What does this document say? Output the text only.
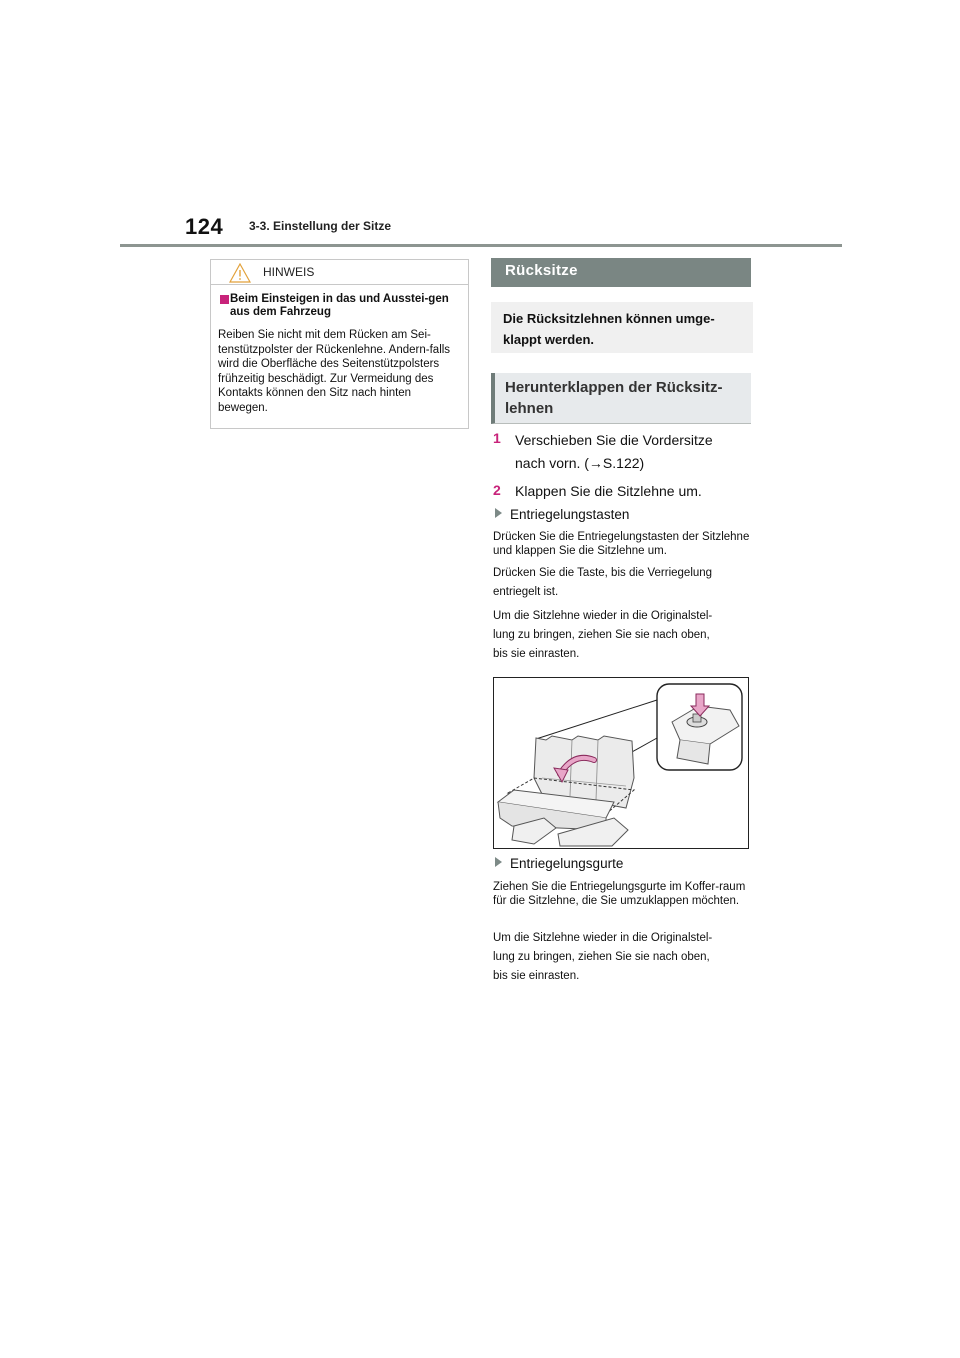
124 3-3. Einstellung der Sitze
HINWEIS
Beim Einsteigen in das und Ausstei-gen aus dem Fahrzeug
Reiben Sie nicht mit dem Rücken am Sei-tenstützpolster der Rückenlehne. Andern-falls wird die Oberfläche des Seitenstützpolsters frühzeitig beschädigt. Zur Vermeidung des Kontakts können den Sitz nach hinten bewegen.
Rücksitze
Die Rücksitzlehnen können umge-klappt werden.
Herunterklappen der Rücksitz-lehnen
1 Verschieben Sie die Vordersitze
nach vorn. (→S.122)
2 Klappen Sie die Sitzlehne um.
Entriegelungstasten
Drücken Sie die Entriegelungstasten der Sitzlehne und klappen Sie die Sitzlehne um.
Drücken Sie die Taste, bis die Verriegelung
entriegelt ist.
Um die Sitzlehne wieder in die Originalstel-
lung zu bringen, ziehen Sie sie nach oben,
bis sie einrasten.
Entriegelungsgurte
Ziehen Sie die Entriegelungsgurte im Koffer-raum für die Sitzlehne, die Sie umzuklappen möchten.
Um die Sitzlehne wieder in die Originalstel-
lung zu bringen, ziehen Sie sie nach oben,
bis sie einrasten.
